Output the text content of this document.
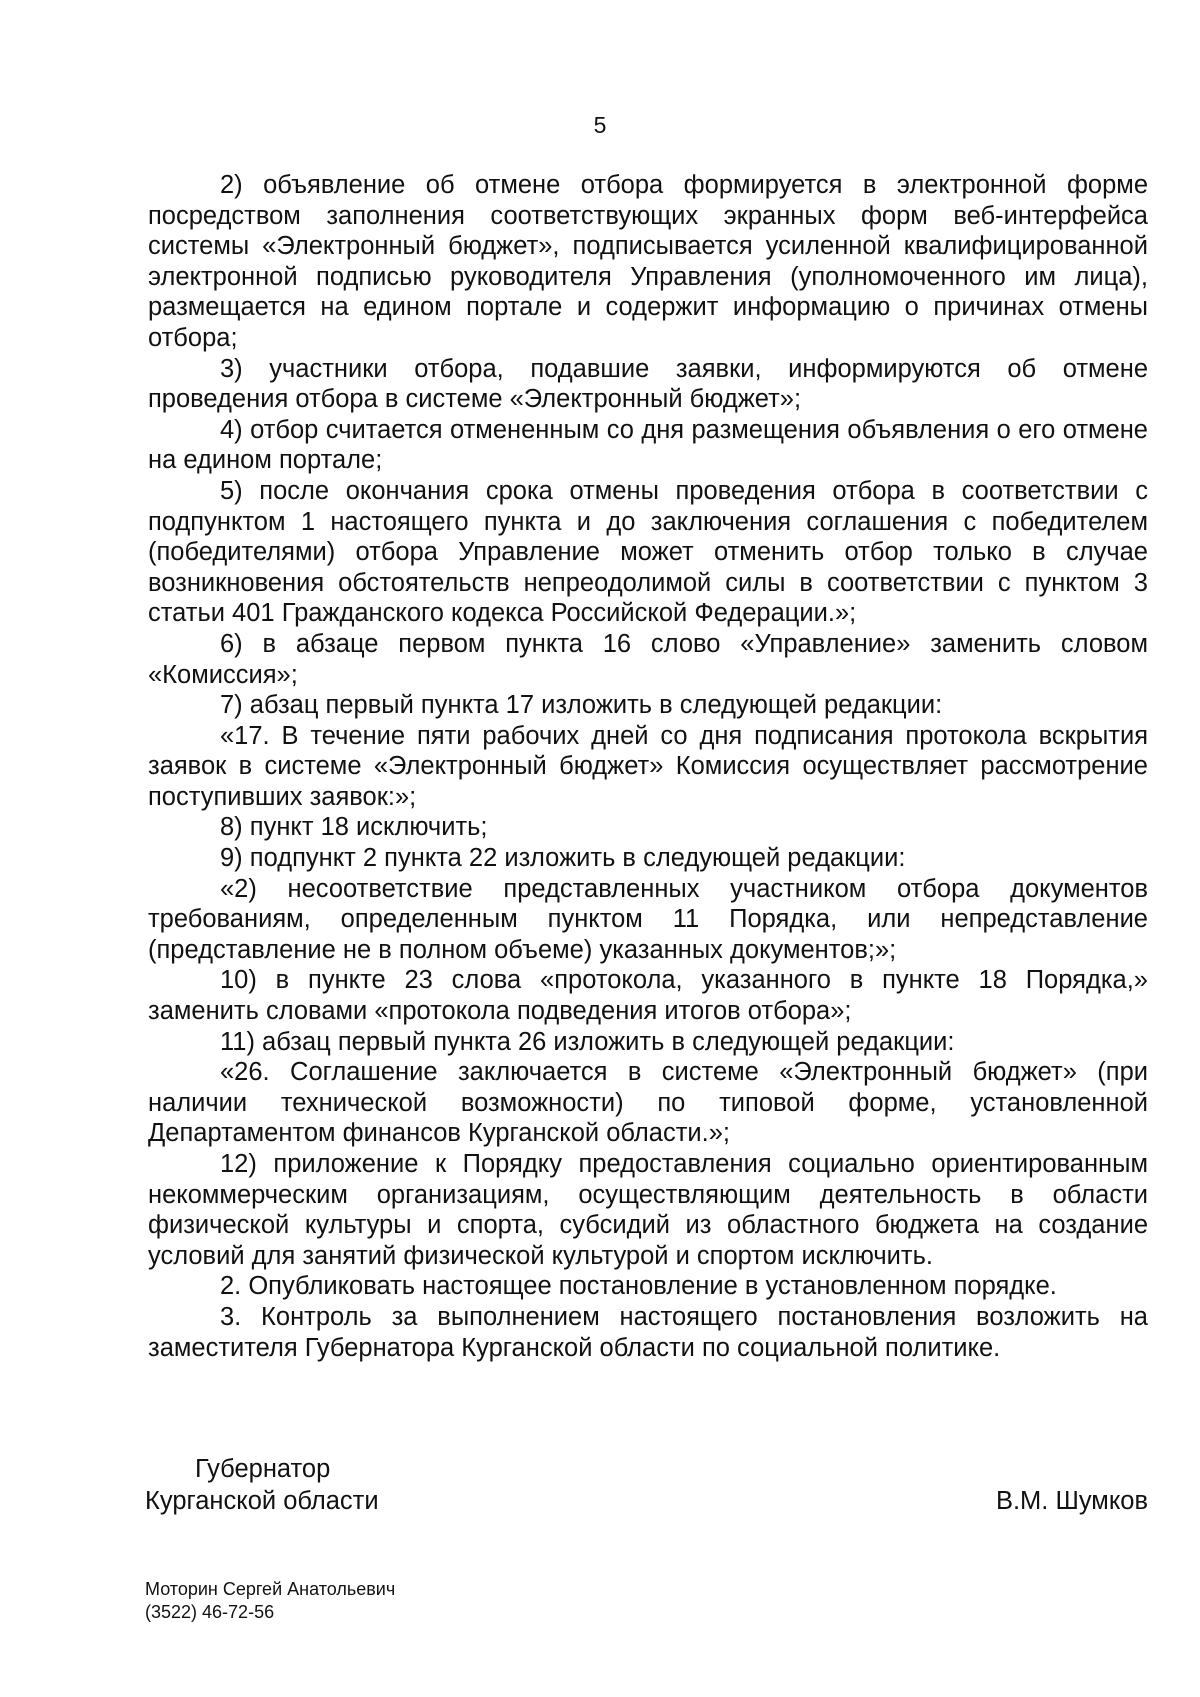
5

2) объявление об отмене отбора формируется в электронной форме посредством заполнения соответствующих экранных форм веб-интерфейса системы «Электронный бюджет», подписывается усиленной квалифицированной электронной подписью руководителя Управления (уполномоченного им лица), размещается на едином портале и содержит информацию о причинах отмены отбора;

3) участники отбора, подавшие заявки, информируются об отмене проведения отбора в системе «Электронный бюджет»;

4) отбор считается отмененным со дня размещения объявления о его отмене на едином портале;

5) после окончания срока отмены проведения отбора в соответствии с подпунктом 1 настоящего пункта и до заключения соглашения с победителем (победителями) отбора Управление может отменить отбор только в случае возникновения обстоятельств непреодолимой силы в соответствии с пунктом 3 статьи 401 Гражданского кодекса Российской Федерации.»;

6) в абзаце первом пункта 16 слово «Управление» заменить словом «Комиссия»;

7) абзац первый пункта 17 изложить в следующей редакции:

«17. В течение пяти рабочих дней со дня подписания протокола вскрытия заявок в системе «Электронный бюджет» Комиссия осуществляет рассмотрение поступивших заявок:»;

8) пункт 18 исключить;

9) подпункт 2 пункта 22 изложить в следующей редакции:

«2) несоответствие представленных участником отбора документов требованиям, определенным пунктом 11 Порядка, или непредставление (представление не в полном объеме) указанных документов;»;

10) в пункте 23 слова «протокола, указанного в пункте 18 Порядка,» заменить словами «протокола подведения итогов отбора»;

11) абзац первый пункта 26 изложить в следующей редакции:

«26. Соглашение заключается в системе «Электронный бюджет» (при наличии технической возможности) по типовой форме, установленной Департаментом финансов Курганской области.»;

12) приложение к Порядку предоставления социально ориентированным некоммерческим организациям, осуществляющим деятельность в области физической культуры и спорта, субсидий из областного бюджета на создание условий для занятий физической культурой и спортом исключить.

2. Опубликовать настоящее постановление в установленном порядке.

3. Контроль за выполнением настоящего постановления возложить на заместителя Губернатора Курганской области по социальной политике.

Губернатор
Курганской области	В.М. Шумков
Моторин Сергей Анатольевич
(3522) 46-72-56
